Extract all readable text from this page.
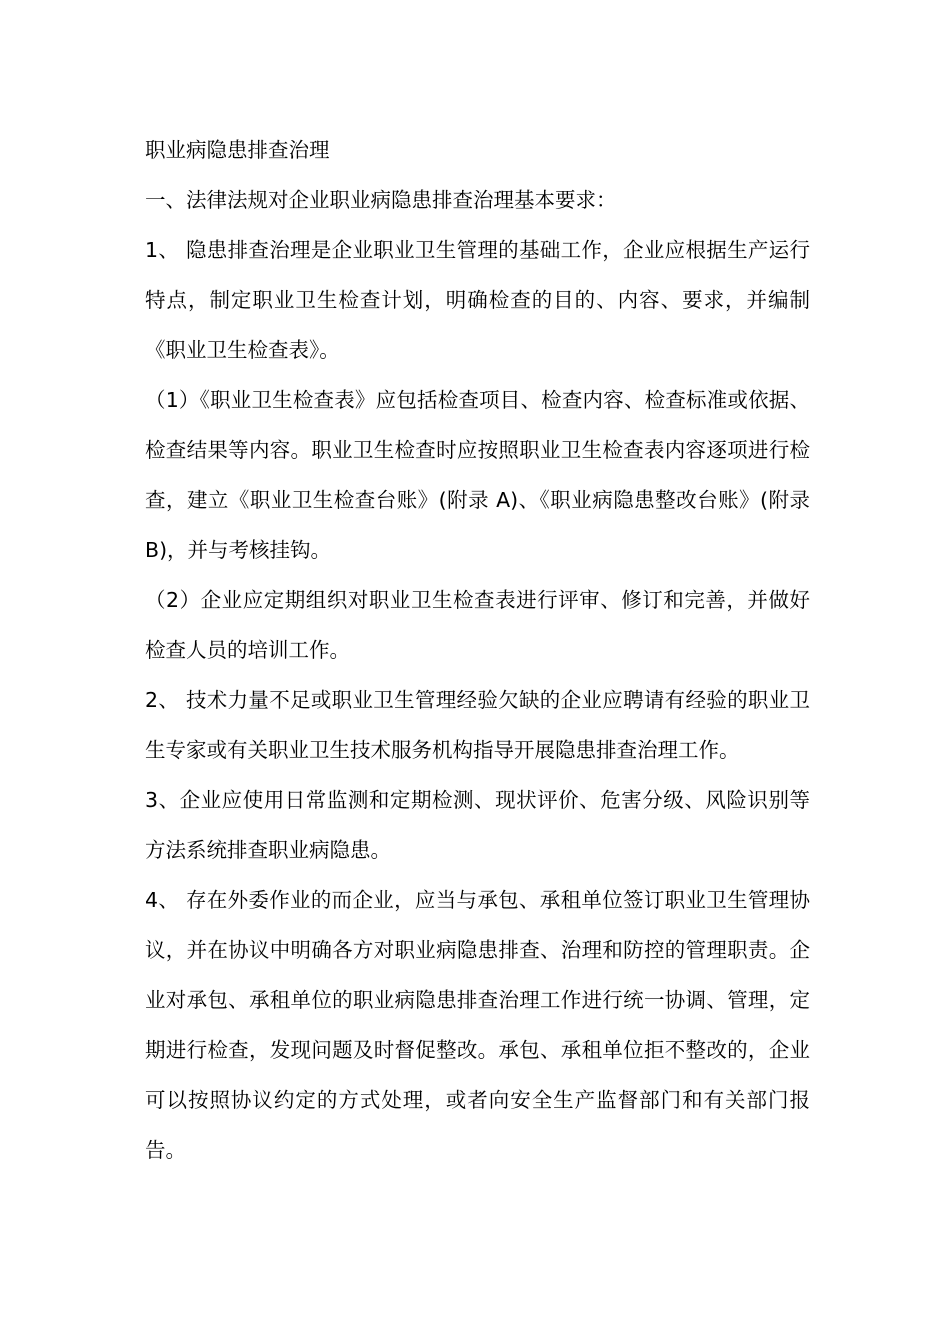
职业病隐患排查治理

一、法律法规对企业职业病隐患排查治理基本要求：

1、 隐患排查治理是企业职业卫生管理的基础工作，企业应根据生产运行特点，制定职业卫生检查计划，明确检查的目的、内容、要求，并编制《职业卫生检查表》。

（1）《职业卫生检查表》应包括检查项目、检查内容、检查标准或依据、检查结果等内容。职业卫生检查时应按照职业卫生检查表内容逐项进行检查，建立《职业卫生检查台账》(附录 A)、《职业病隐患整改台账》(附录 B)，并与考核挂钩。

（2）企业应定期组织对职业卫生检查表进行评审、修订和完善，并做好检查人员的培训工作。

2、 技术力量不足或职业卫生管理经验欠缺的企业应聘请有经验的职业卫生专家或有关职业卫生技术服务机构指导开展隐患排查治理工作。

3、企业应使用日常监测和定期检测、现状评价、危害分级、风险识别等方法系统排查职业病隐患。

4、 存在外委作业的而企业，应当与承包、承租单位签订职业卫生管理协议，并在协议中明确各方对职业病隐患排查、治理和防控的管理职责。企业对承包、承租单位的职业病隐患排查治理工作进行统一协调、管理，定期进行检查，发现问题及时督促整改。承包、承租单位拒不整改的，企业可以按照协议约定的方式处理，或者向安全生产监督部门和有关部门报告。
